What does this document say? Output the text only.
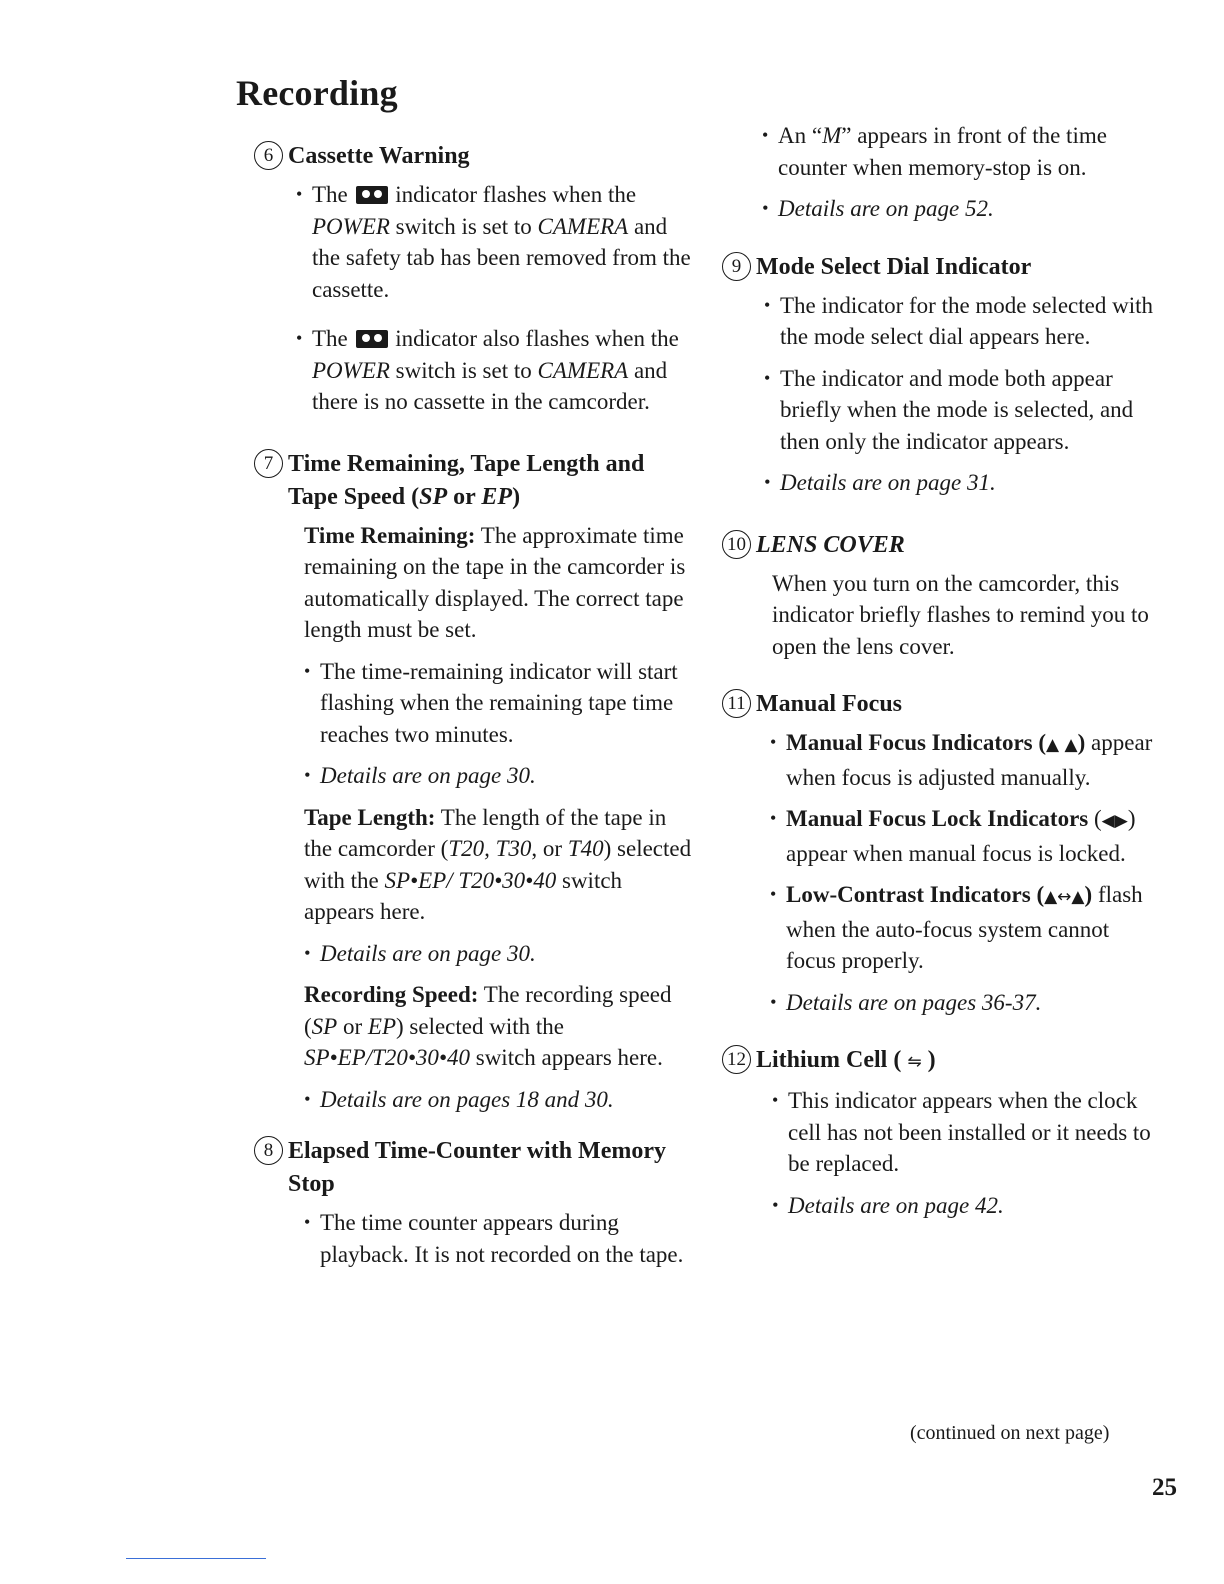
Recording
6 Cassette Warning
• The indicator flashes when the POWER switch is set to CAMERA and the safety tab has been removed from the cassette.
• The indicator also flashes when the POWER switch is set to CAMERA and there is no cassette in the camcorder.
7 Time Remaining, Tape Length and Tape Speed (SP or EP)
Time Remaining: The approximate time remaining on the tape in the camcorder is automatically displayed. The correct tape length must be set.
• The time-remaining indicator will start flashing when the remaining tape time reaches two minutes.
• Details are on page 30.
Tape Length: The length of the tape in the camcorder (T20, T30, or T40) selected with the SP•EP/ T20•30•40 switch appears here.
• Details are on page 30.
Recording Speed: The recording speed (SP or EP) selected with the SP•EP/T20•30•40 switch appears here.
• Details are on pages 18 and 30.
8 Elapsed Time-Counter with Memory Stop
• The time counter appears during playback. It is not recorded on the tape.
• An “M” appears in front of the time counter when memory-stop is on.
• Details are on page 52.
9 Mode Select Dial Indicator
• The indicator for the mode selected with the mode select dial appears here.
• The indicator and mode both appear briefly when the mode is selected, and then only the indicator appears.
• Details are on page 31.
10 LENS COVER
When you turn on the camcorder, this indicator briefly flashes to remind you to open the lens cover.
11 Manual Focus
• Manual Focus Indicators (▲ ▲) appear when focus is adjusted manually.
• Manual Focus Lock Indicators (◀▶) appear when manual focus is locked.
• Low-Contrast Indicators (▲↔▲) flash when the auto-focus system cannot focus properly.
• Details are on pages 36-37.
12 Lithium Cell ( ⇋ )
• This indicator appears when the clock cell has not been installed or it needs to be replaced.
• Details are on page 42.
(continued on next page)
25
